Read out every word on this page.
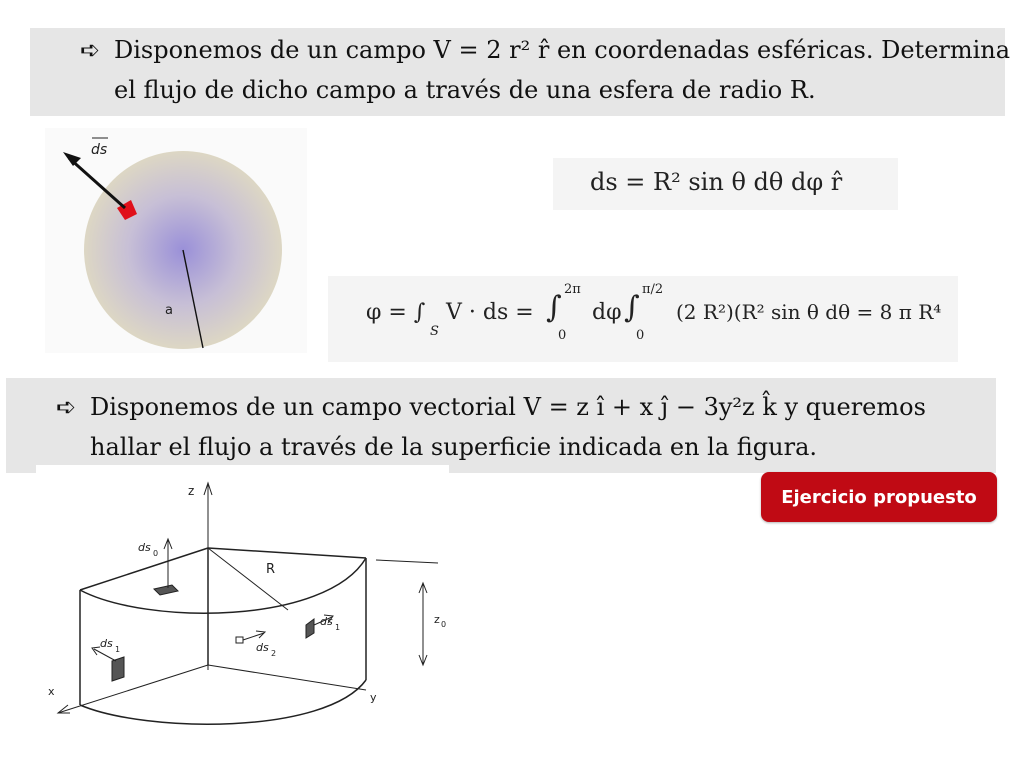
➪ Disponemos de un campo V = 2 r² r̂ en coordenadas esféricas. Determina
el flujo de dicho campo a través de una esfera de radio R.
a
ds
ds = R² sin θ dθ dφ r̂
φ = ∫
S
V · ds = ∫
2π
0
dφ ∫
π/2
0
(2 R²)(R² sin θ dθ = 8 π R⁴
➪ Disponemos de un campo vectorial V = z ı̂ + x ȷ̂ − 3y²z k̂ y queremos
hallar el flujo a través de la superficie indicada en la figura.
Ejercicio propuesto
z
x	y
R
z 0
ds 0
ds 1	ds 2
ds 1
